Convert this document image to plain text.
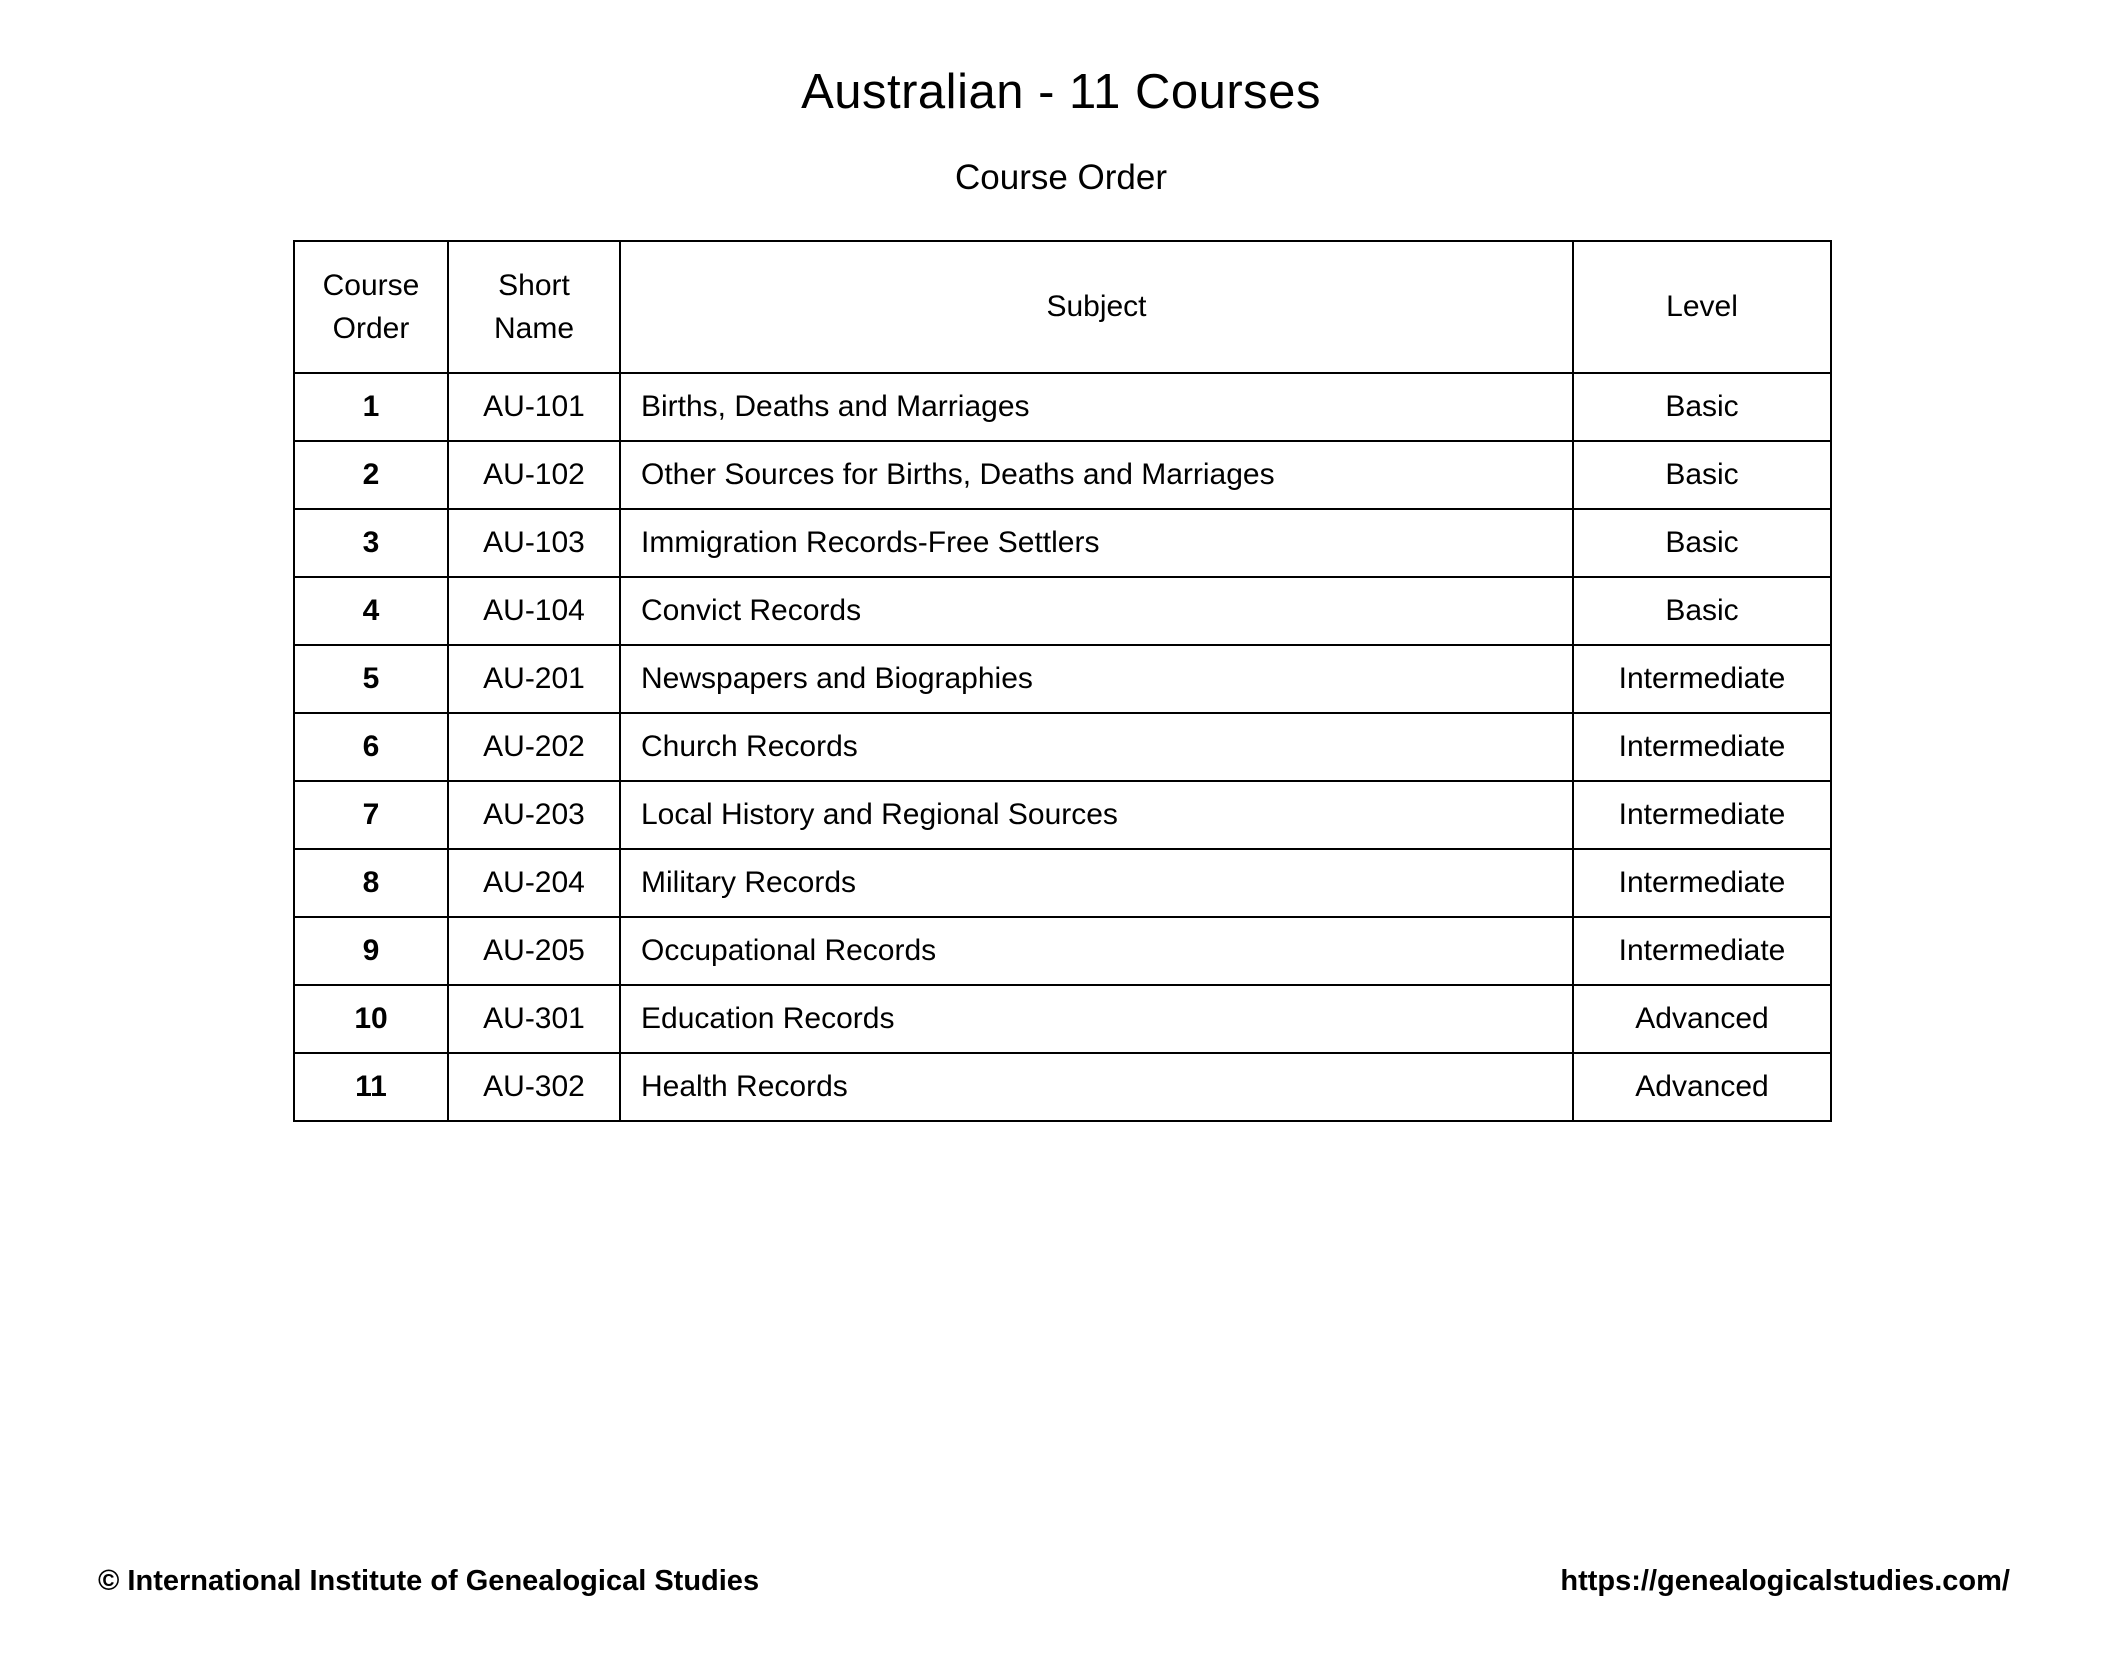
Australian - 11 Courses
Course Order
Course Order	Short Name	Subject	Level
1	AU-101	Births, Deaths and Marriages	Basic
2	AU-102	Other Sources for Births, Deaths and Marriages	Basic
3	AU-103	Immigration Records-Free Settlers	Basic
4	AU-104	Convict Records	Basic
5	AU-201	Newspapers and Biographies	Intermediate
6	AU-202	Church Records	Intermediate
7	AU-203	Local History and Regional Sources	Intermediate
8	AU-204	Military Records	Intermediate
9	AU-205	Occupational Records	Intermediate
10	AU-301	Education Records	Advanced
11	AU-302	Health Records	Advanced
© International Institute of Genealogical Studies	https://genealogicalstudies.com/
